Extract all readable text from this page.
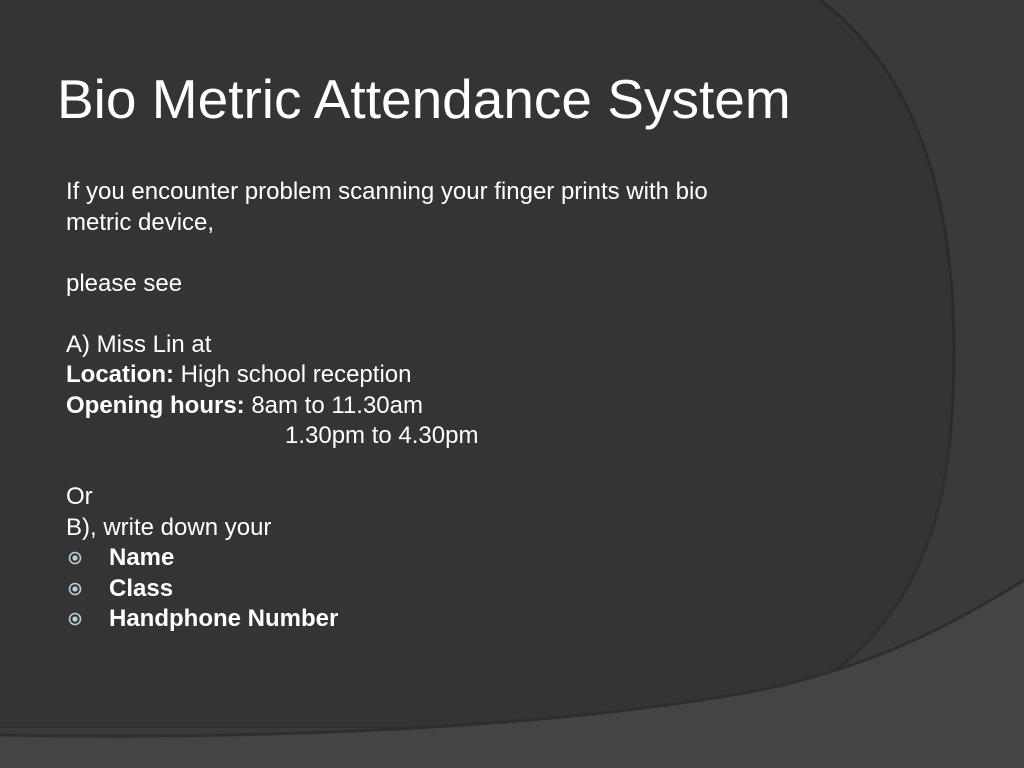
Bio Metric Attendance System
If you encounter problem scanning your finger prints with bio
metric device,
please see
A) Miss Lin at
Location: High school reception
Opening hours: 8am to 11.30am
1.30pm to 4.30pm
Or
B), write down your
Name
Class
Handphone Number
